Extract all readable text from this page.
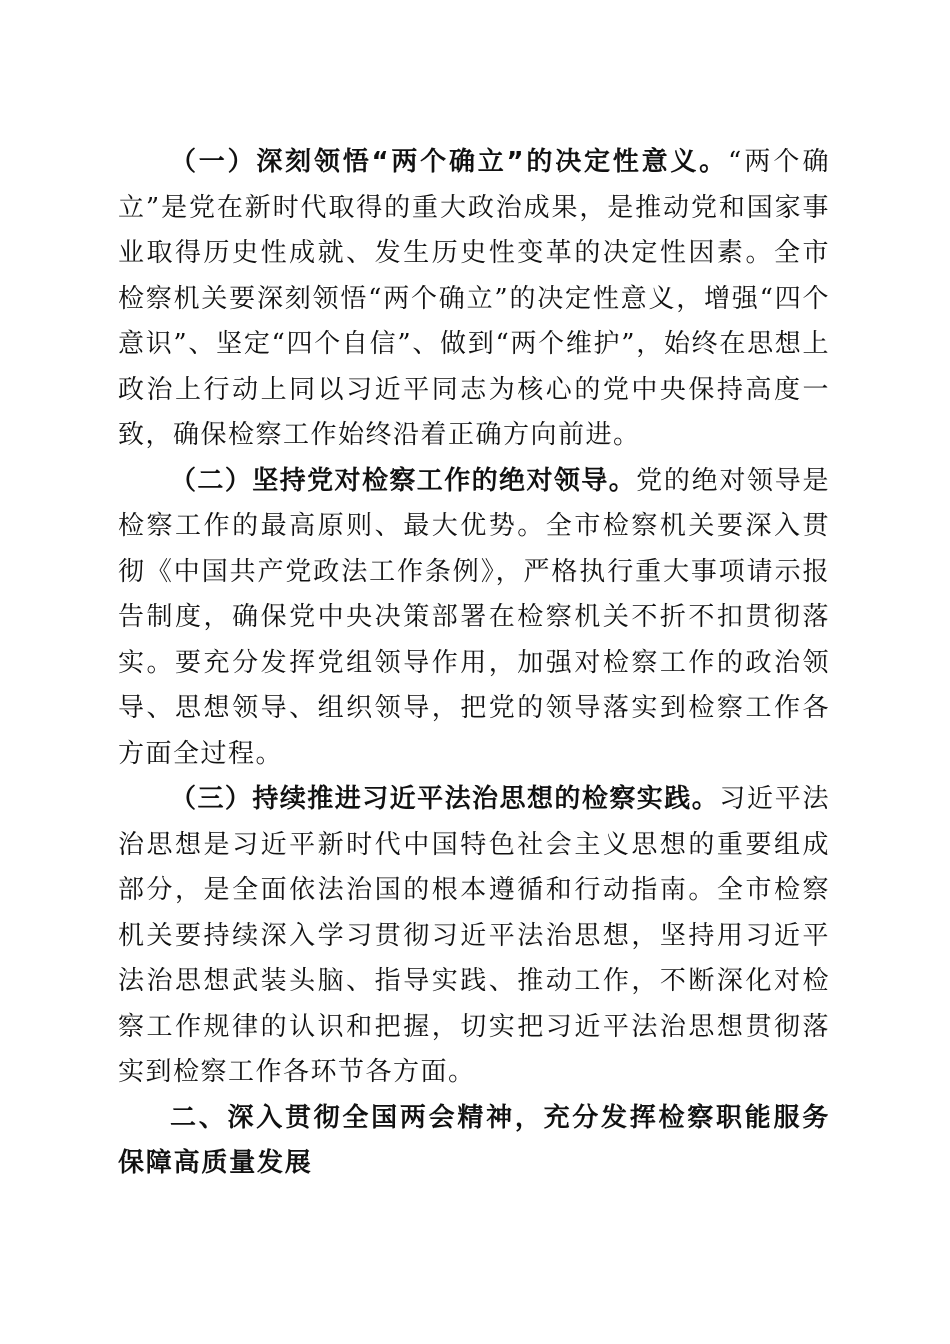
（一）深刻领悟“两个确立”的决定性意义。“两个确立”是党在新时代取得的重大政治成果，是推动党和国家事业取得历史性成就、发生历史性变革的决定性因素。全市检察机关要深刻领悟“两个确立”的决定性意义，增强“四个意识”、坚定“四个自信”、做到“两个维护”，始终在思想上政治上行动上同以习近平同志为核心的党中央保持高度一致，确保检察工作始终沿着正确方向前进。

（二）坚持党对检察工作的绝对领导。党的绝对领导是检察工作的最高原则、最大优势。全市检察机关要深入贯彻《中国共产党政法工作条例》，严格执行重大事项请示报告制度，确保党中央决策部署在检察机关不折不扣贯彻落实。要充分发挥党组领导作用，加强对检察工作的政治领导、思想领导、组织领导，把党的领导落实到检察工作各方面全过程。

（三）持续推进习近平法治思想的检察实践。习近平法治思想是习近平新时代中国特色社会主义思想的重要组成部分，是全面依法治国的根本遵循和行动指南。全市检察机关要持续深入学习贯彻习近平法治思想，坚持用习近平法治思想武装头脑、指导实践、推动工作，不断深化对检察工作规律的认识和把握，切实把习近平法治思想贯彻落实到检察工作各环节各方面。

二、深入贯彻全国两会精神，充分发挥检察职能服务保障高质量发展
